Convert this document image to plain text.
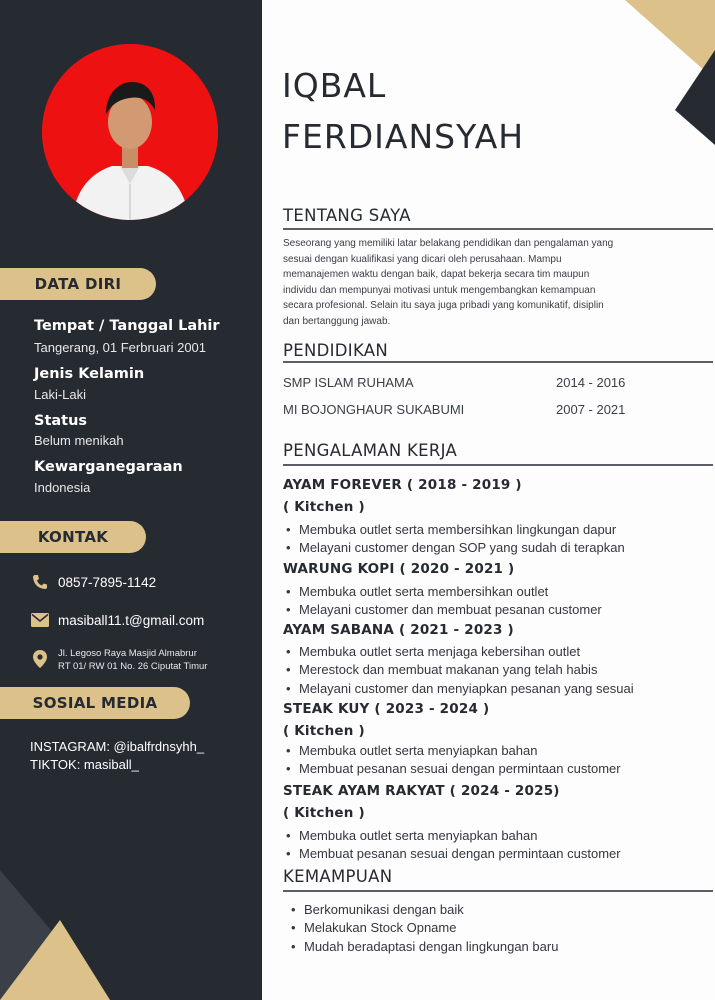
DATA DIRI
Tempat / Tanggal Lahir
Tangerang, 01 Ferbruari 2001
Jenis Kelamin
Laki-Laki
Status
Belum menikah
Kewarganegaraan
Indonesia
KONTAK
0857-7895-1142
masiball11.t@gmail.com
Jl. Legoso Raya Masjid Almabrur
RT 01/ RW 01 No. 26 Ciputat Timur
SOSIAL MEDIA
INSTAGRAM: @ibalfrdnsyhh_
TIKTOK: masiball_
IQBAL
FERDIANSYAH
TENTANG SAYA
Seseorang yang memiliki latar belakang pendidikan dan pengalaman yang
sesuai dengan kualifikasi yang dicari oleh perusahaan. Mampu
memanajemen waktu dengan baik, dapat bekerja secara tim maupun
individu dan mempunyai motivasi untuk mengembangkan kemampuan
secara profesional. Selain itu saya juga pribadi yang komunikatif, disiplin
dan bertanggung jawab.
PENDIDIKAN
SMP ISLAM RUHAMA	2014 - 2016
MI BOJONGHAUR SUKABUMI	2007 - 2021
PENGALAMAN KERJA
AYAM FOREVER ( 2018 - 2019 )
( Kitchen )
• Membuka outlet serta membersihkan lingkungan dapur
• Melayani customer dengan SOP yang sudah di terapkan
WARUNG KOPI ( 2020 - 2021 )
• Membuka outlet serta membersihkan outlet
• Melayani customer dan membuat pesanan customer
AYAM SABANA ( 2021 - 2023 )
• Membuka outlet serta menjaga kebersihan outlet
• Merestock dan membuat makanan yang telah habis
• Melayani customer dan menyiapkan pesanan yang sesuai
STEAK KUY ( 2023 - 2024 )
( Kitchen )
• Membuka outlet serta menyiapkan bahan
• Membuat pesanan sesuai dengan permintaan customer
STEAK AYAM RAKYAT ( 2024 - 2025)
( Kitchen )
• Membuka outlet serta menyiapkan bahan
• Membuat pesanan sesuai dengan permintaan customer
KEMAMPUAN
• Berkomunikasi dengan baik
• Melakukan Stock Opname
• Mudah beradaptasi dengan lingkungan baru
